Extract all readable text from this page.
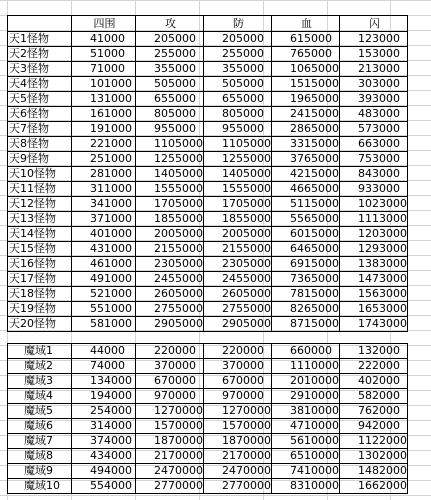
	四围	攻	防	血	闪
天1怪物	41000	205000	205000	615000	123000
天2怪物	51000	255000	255000	765000	153000
天3怪物	71000	355000	355000	1065000	213000
天4怪物	101000	505000	505000	1515000	303000
天5怪物	131000	655000	655000	1965000	393000
天6怪物	161000	805000	805000	2415000	483000
天7怪物	191000	955000	955000	2865000	573000
天8怪物	221000	1105000	1105000	3315000	663000
天9怪物	251000	1255000	1255000	3765000	753000
天10怪物	281000	1405000	1405000	4215000	843000
天11怪物	311000	1555000	1555000	4665000	933000
天12怪物	341000	1705000	1705000	5115000	1023000
天13怪物	371000	1855000	1855000	5565000	1113000
天14怪物	401000	2005000	2005000	6015000	1203000
天15怪物	431000	2155000	2155000	6465000	1293000
天16怪物	461000	2305000	2305000	6915000	1383000
天17怪物	491000	2455000	2455000	7365000	1473000
天18怪物	521000	2605000	2605000	7815000	1563000
天19怪物	551000	2755000	2755000	8265000	1653000
天20怪物	581000	2905000	2905000	8715000	1743000
魔域1	44000	220000	220000	660000	132000
魔域2	74000	370000	370000	1110000	222000
魔域3	134000	670000	670000	2010000	402000
魔域4	194000	970000	970000	2910000	582000
魔域5	254000	1270000	1270000	3810000	762000
魔域6	314000	1570000	1570000	4710000	942000
魔域7	374000	1870000	1870000	5610000	1122000
魔域8	434000	2170000	2170000	6510000	1302000
魔域9	494000	2470000	2470000	7410000	1482000
魔域10	554000	2770000	2770000	8310000	1662000
